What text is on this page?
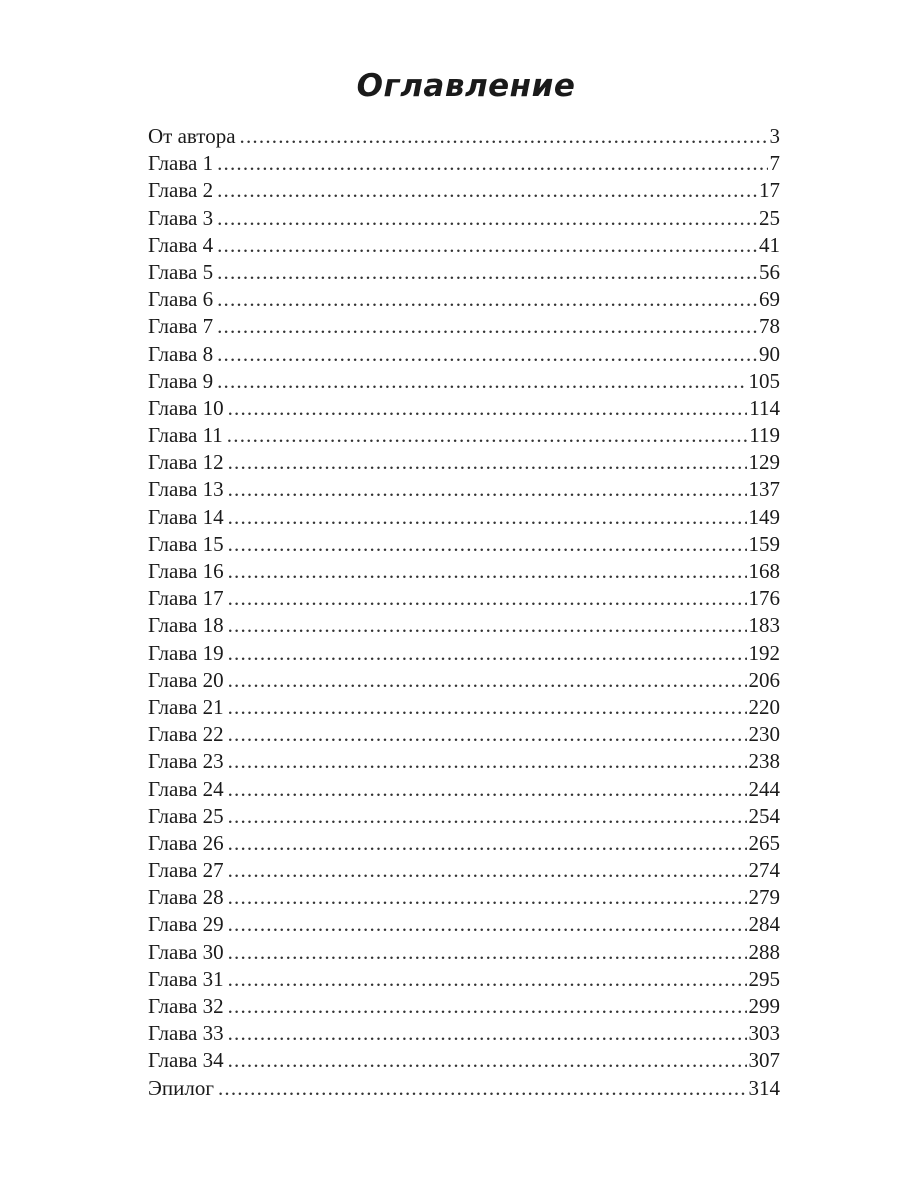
Оглавление
От автора .....	3
Глава 1 .....	7
Глава 2 .....	17
Глава 3 .....	25
Глава 4 .....	41
Глава 5 .....	56
Глава 6 .....	69
Глава 7 .....	78
Глава 8 .....	90
Глава 9 .....	105
Глава 10 .....	114
Глава 11 .....	119
Глава 12 .....	129
Глава 13 .....	137
Глава 14 .....	149
Глава 15 .....	159
Глава 16 .....	168
Глава 17 .....	176
Глава 18 .....	183
Глава 19 .....	192
Глава 20 .....	206
Глава 21 .....	220
Глава 22 .....	230
Глава 23 .....	238
Глава 24 .....	244
Глава 25 .....	254
Глава 26 .....	265
Глава 27 .....	274
Глава 28 .....	279
Глава 29 .....	284
Глава 30 .....	288
Глава 31 .....	295
Глава 32 .....	299
Глава 33 .....	303
Глава 34 .....	307
Эпилог .....	314
